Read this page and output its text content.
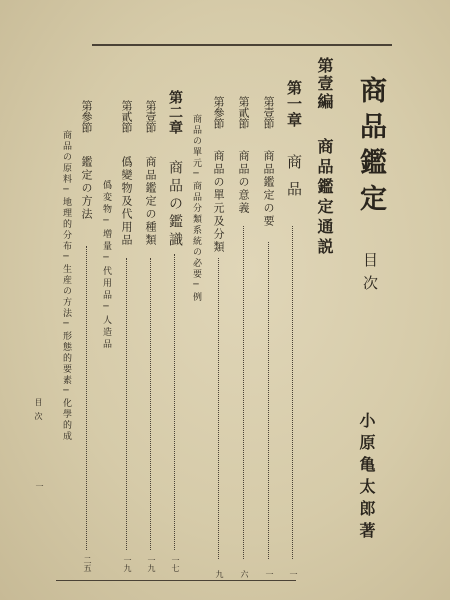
商品鑑定
目次
小原亀太郎著
第壹編
商品鑑定通説
第一章
商品
一
第壹節
商品鑑定の要
一
第貳節
商品の意義
六
第參節
商品の單元及分類
九
商品の單元─商品分類系統の必要─例
第二章
商品の鑑識
一七
第壹節
商品鑑定の種類
一九
第貳節
僞變物及代用品
一九
僞変物─増量─代用品─人造品
第參節
鑑定の方法
二五
商品の原料─地理的分布─生産の方法─形態的要素─化學的成
目次
一
